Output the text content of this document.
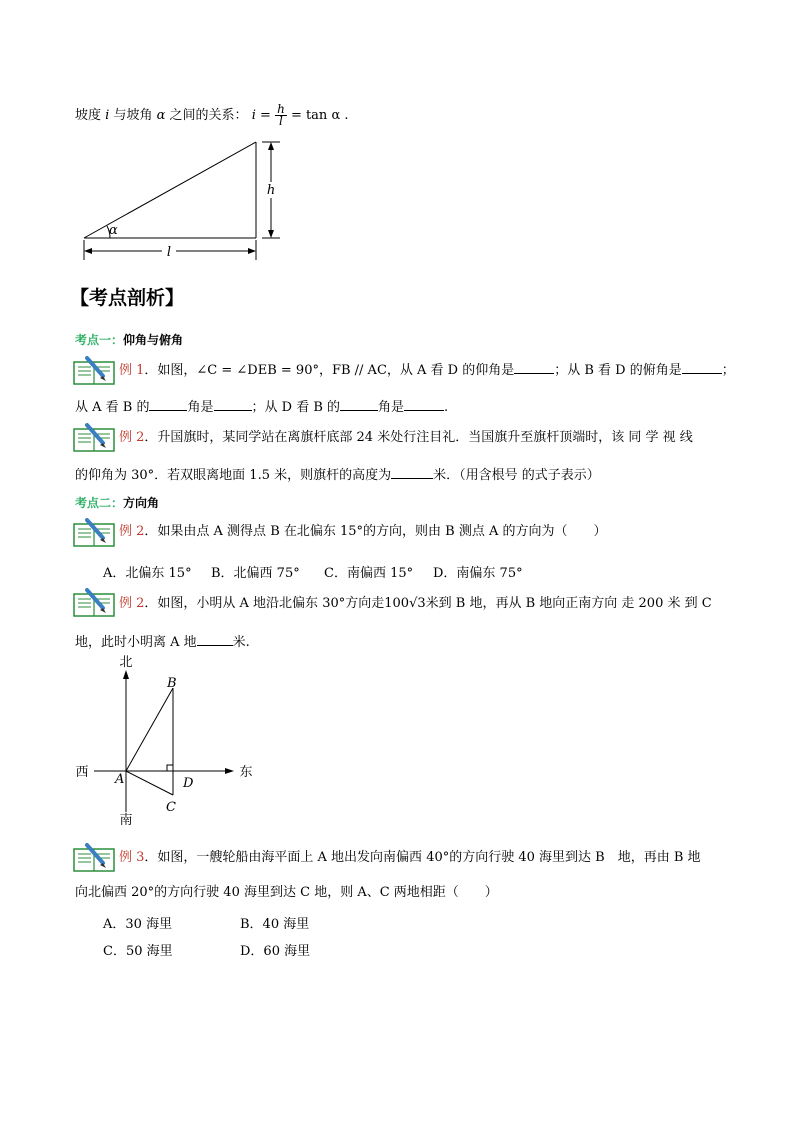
坡度 i 与坡角 α 之间的关系： $i = \frac{h}{l} = \tan \alpha$ .
l
h
α
【考点剖析】
考点一：仰角与俯角
例 1．如图，∠C = ∠DEB = 90°，FB // AC，从 A 看 D 的仰角是	；从 B 看 D 的俯角是	；
从 A 看 B 的	角是	；从 D 看 B 的	角是	.
例 2．升国旗时，某同学站在离旗杆底部 24 米处行注目礼．当国旗升至旗杆顶端时，该 同 学 视 线
的仰角为 30°．若双眼离地面 1.5 米，则旗杆的高度为	米．（用含根号 的式子表示）
考点二：方向角
例 2．如果由点 A 测得点 B 在北偏东 15°的方向，则由 B 测点 A 的方向为（　　）
A．北偏东 15° B．北偏西 75° C．南偏西 15° D．南偏东 75°
例 2．如图，小明从 A 地沿北偏东 30°方向走100√3米到 B 地，再从 B 地向正南方向 走 200 米 到 C
地，此时小明离 A 地	米.
北
南
西	东
A
B
C
D
例 3．如图，一艘轮船由海平面上 A 地出发向南偏西 40°的方向行驶 40 海里到达 B　地，再由 B 地
向北偏西 20°的方向行驶 40 海里到达 C 地，则 A、C 两地相距（　　）
A．30 海里	B．40 海里
C．50 海里	D．60 海里
